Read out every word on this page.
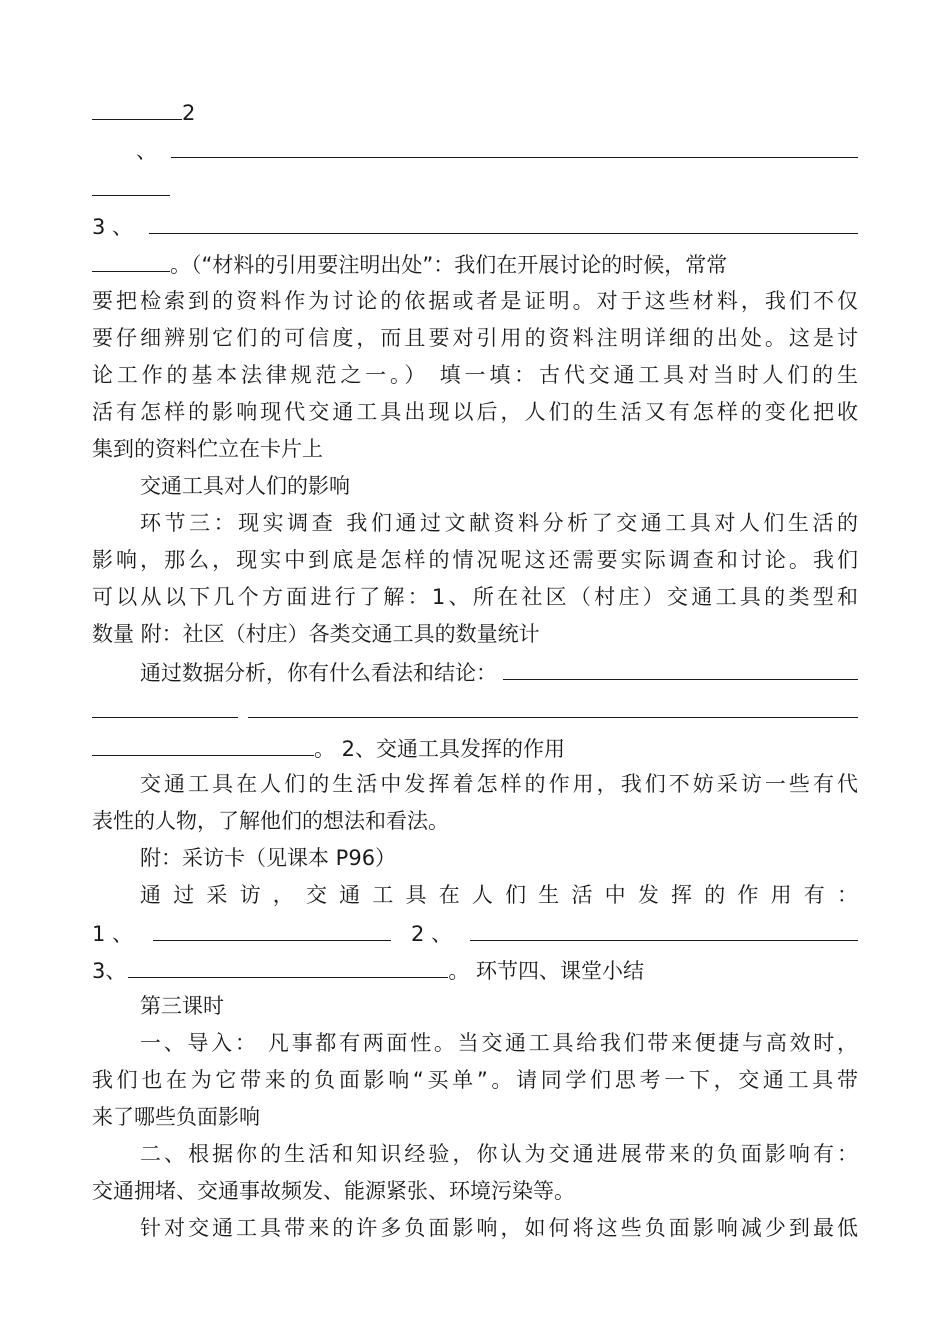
2
、
3 、
。（“材料的引用要注明出处”：我们在开展讨论的时候，常常
要把检索到的资料作为讨论的依据或者是证明。对于这些材料，我们不仅
要仔细辨别它们的可信度，而且要对引用的资料注明详细的出处。这是讨
论工作的基本法律规范之一。） 填一填：古代交通工具对当时人们的生
活有怎样的影响现代交通工具出现以后，人们的生活又有怎样的变化把收
集到的资料伫立在卡片上
交通工具对人们的影响
环节三：现实调查 我们通过文献资料分析了交通工具对人们生活的
影响，那么，现实中到底是怎样的情况呢这还需要实际调查和讨论。我们
可以从以下几个方面进行了解：1、所在社区（村庄）交通工具的类型和
数量 附：社区（村庄）各类交通工具的数量统计
通过数据分析，你有什么看法和结论：
。 2、交通工具发挥的作用
交通工具在人们的生活中发挥着怎样的作用，我们不妨采访一些有代
表性的人物，了解他们的想法和看法。
附：采访卡（见课本 P96）
通 过 采 访 ， 交 通 工 具 在 人 们 生 活 中 发 挥 的 作 用 有 ：
1 、	2 、
3、	。 环节四、课堂小结
第三课时
一、导入： 凡事都有两面性。当交通工具给我们带来便捷与高效时，
我们也在为它带来的负面影响“买单”。请同学们思考一下，交通工具带
来了哪些负面影响
二、根据你的生活和知识经验，你认为交通进展带来的负面影响有：
交通拥堵、交通事故频发、能源紧张、环境污染等。
针对交通工具带来的许多负面影响，如何将这些负面影响减少到最低
